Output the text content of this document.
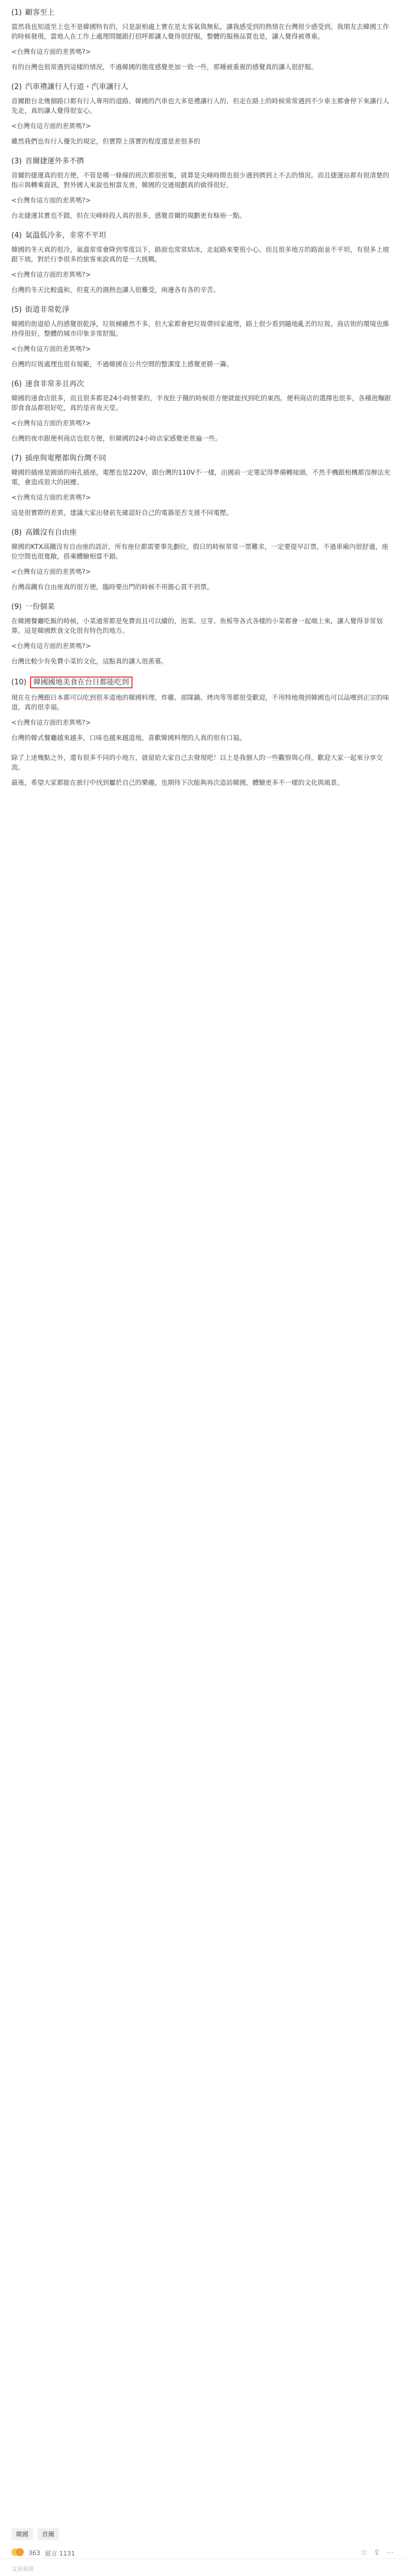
(1) 顧客至上
當然我也知道至上也不是韓國特有的，只是說相處上實在是太客氣與無私，讓我感受到的熱情在台灣很少感受到。我朋友去韓國工作的時候發現，當地人在工作上處理問題跟打招呼都讓人覺得很舒服，整體的服務品質也是，讓人覺得被尊重。
<台灣有這方面的差異嗎?>
有的台灣也很常遇到這樣的情況，不過韓國的態度感覺更加一致一些，那種被重視的感覺真的讓人很舒服。
(2) 汽車禮讓行人行道・汽車讓行人
首爾跟台北幾個路口都有行人專用的道路，韓國的汽車也大多是禮讓行人的，但走在路上的時候常常遇到不少車主都會停下來讓行人先走，真的讓人覺得很安心。
<台灣有這方面的差異嗎?>
雖然我們也有行人優先的規定，但實際上落實的程度還是差很多的
(3) 首爾捷運外多不擠
首爾的捷運真的很方便，不管是哪一條線的班次都很密集，就算是尖峰時間也很少遇到擠到上不去的情況。而且捷運站都有很清楚的指示與轉乘資訊，對外國人來說也相當友善，韓國的交通規劃真的做得很好。
<台灣有這方面的差異嗎?>
台北捷運其實也不錯，但在尖峰時段人真的很多，感覺首爾的規劃更有餘裕一點。
(4) 氣溫低冷多，非常不平坦
韓國的冬天真的很冷，氣溫常常會降到零度以下，路面也常常結冰，走起路來要很小心。而且很多地方的路面並不平坦，有很多上坡跟下坡，對於行李很多的旅客來說真的是一大挑戰。
<台灣有這方面的差異嗎?>
台灣的冬天比較溫和，但夏天的濕熱也讓人很難受，兩邊各有各的辛苦。
(5) 街道非常乾淨
韓國的街道給人的感覺很乾淨，垃圾桶雖然不多，但大家都會把垃圾帶回家處理，路上很少看到隨地亂丟的垃圾。商店街的環境也維持得很好，整體的城市印象非常舒服。
<台灣有這方面的差異嗎?>
台灣的垃圾處理也很有規範，不過韓國在公共空間的整潔度上感覺更勝一籌。
(6) 速食非常多且再次
韓國的速食店很多，而且很多都是24小時營業的，半夜肚子餓的時候很方便就能找到吃的東西。便利商店的選擇也很多，各種泡麵跟即食食品都很好吃，真的是宵夜天堂。
<台灣有這方面的差異嗎?>
台灣的夜市跟便利商店也很方便，但韓國的24小時店家感覺更普遍一些。
(7) 插座與電壓都與台灣不同
韓國的插座是圓頭的兩孔插座，電壓也是220V，跟台灣的110V不一樣，出國前一定要記得準備轉接頭，不然手機跟相機都沒辦法充電，會造成很大的困擾。
<台灣有這方面的差異嗎?>
這是很實際的差異，建議大家出發前先確認好自己的電器是否支援不同電壓。
(8) 高鐵沒有自由座
韓國的KTX高鐵沒有自由座的設計，所有座位都需要事先劃位，假日的時候常常一票難求，一定要提早訂票。不過車廂內很舒適，座位空間也很寬敞，搭乘體驗相當不錯。
<台灣有這方面的差異嗎?>
台灣高鐵有自由座真的很方便，臨時要出門的時候不用擔心買不到票。
(9) 一份個菜
在韓國餐廳吃飯的時候，小菜通常都是免費而且可以續的，泡菜、豆芽、魚板等各式各樣的小菜都會一起端上來，讓人覺得非常划算。這是韓國飲食文化很有特色的地方。
<台灣有這方面的差異嗎?>
台灣比較少有免費小菜的文化，這點真的讓人很羨慕。
(10) 韓國國地美食在台日都能吃到
現在在台灣跟日本都可以吃到很多道地的韓國料理，炸雞、部隊鍋、烤肉等等都很受歡迎，不用特地飛到韓國也可以品嚐到正宗的味道，真的很幸福。
<台灣有這方面的差異嗎?>
台灣的韓式餐廳越來越多，口味也越來越道地，喜歡韓國料理的人真的很有口福。
除了上述幾點之外，還有很多不同的小地方，就留給大家自己去發現吧！以上是我個人的一些觀察與心得，歡迎大家一起來分享交流。
最後，希望大家都能在旅行中找到屬於自己的樂趣，也期待下次能夠再次造訪韓國，體驗更多不一樣的文化與風景。
韓國	首爾
363 留言 1131	☆ ⇪ ⋯
文章資訊
